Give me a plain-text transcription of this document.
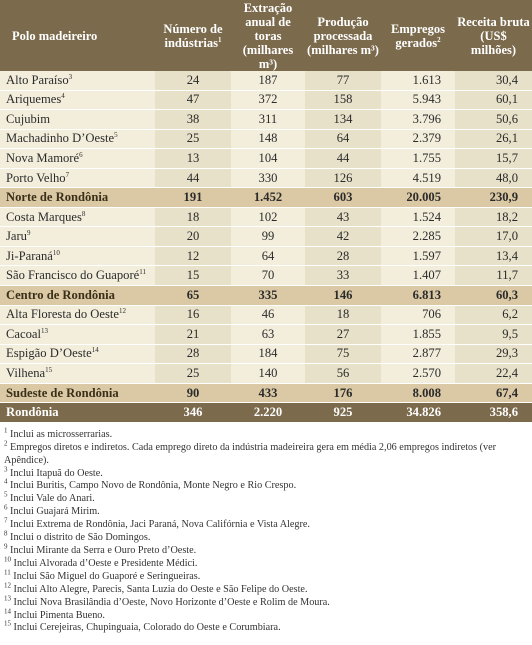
Polo madeireiro	Número de indústrias$^1$	Extração anual de toras (milhares m³)	Produção processada (milhares m³)	Empregos gerados$^2$	Receita bruta (US$ milhões)
Alto Paraíso$^3$	24	187	77	1.613	30,4
Ariquemes$^4$	47	372	158	5.943	60,1
Cujubim	38	311	134	3.796	50,6
Machadinho D’Oeste$^5$	25	148	64	2.379	26,1
Nova Mamoré$^6$	13	104	44	1.755	15,7
Porto Velho$^7$	44	330	126	4.519	48,0
Norte de Rondônia	191	1.452	603	20.005	230,9
Costa Marques$^8$	18	102	43	1.524	18,2
Jaru$^9$	20	99	42	2.285	17,0
Ji-Paraná$^{10}$	12	64	28	1.597	13,4
São Francisco do Guaporé$^{11}$	15	70	33	1.407	11,7
Centro de Rondônia	65	335	146	6.813	60,3
Alta Floresta do Oeste$^{12}$	16	46	18	706	6,2
Cacoal$^{13}$	21	63	27	1.855	9,5
Espigão D’Oeste$^{14}$	28	184	75	2.877	29,3
Vilhena$^{15}$	25	140	56	2.570	22,4
Sudeste de Rondônia	90	433	176	8.008	67,4
Rondônia	346	2.220	925	34.826	358,6
$^1$ Inclui as microsserrarias.
$^2$ Empregos diretos e indiretos. Cada emprego direto da indústria madeireira gera em média 2,06 empregos indiretos (ver Apêndice).
$^3$ Inclui Itapuã do Oeste.
$^4$ Inclui Buritis, Campo Novo de Rondônia, Monte Negro e Rio Crespo.
$^5$ Inclui Vale do Anari.
$^6$ Inclui Guajará Mirim.
$^7$ Inclui Extrema de Rondônia, Jaci Paraná, Nova Califórnia e Vista Alegre.
$^8$ Inclui o distrito de São Domingos.
$^9$ Inclui Mirante da Serra e Ouro Preto d’Oeste.
$^{10}$ Inclui Alvorada d’Oeste e Presidente Médici.
$^{11}$ Inclui São Miguel do Guaporé e Seringueiras.
$^{12}$ Inclui Alto Alegre, Parecis, Santa Luzia do Oeste e São Felipe do Oeste.
$^{13}$ Inclui Nova Brasilândia d’Oeste, Novo Horizonte d’Oeste e Rolim de Moura.
$^{14}$ Inclui Pimenta Bueno.
$^{15}$ Inclui Cerejeiras, Chupinguaia, Colorado do Oeste e Corumbiara.
